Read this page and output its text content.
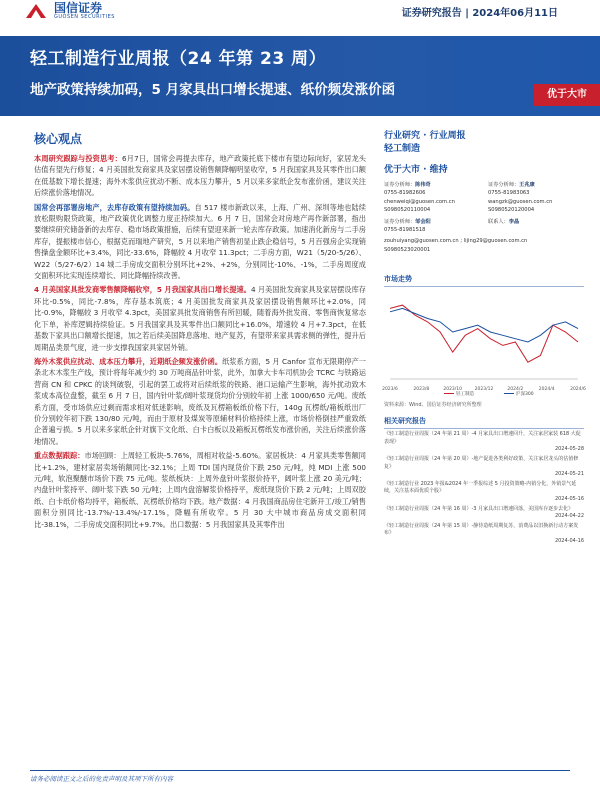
国信证券
GUOSEN SECURITIES	证券研究报告 | 2024年06月11日
轻工制造行业周报（24 年第 23 周）
地产政策持续加码，5 月家具出口增长提速、纸价频发涨价函	优于大市
核心观点

本周研究跟踪与投资思考：6月7日，国常会再提去库存，地产政策托底下楼市有望边际向好，家居龙头估值有望先行修复；4 月美国批发商家具及家居摆设销售额降幅明显收窄，5 月我国家具及其零件出口额在低基数下增长提速；海外木浆供应扰动不断、成本压力攀升，5 月以来多家纸企发布涨价函，建议关注后续涨价落地情况。

国常会再部署房地产，去库存政策有望持续加码。自 517 楼市新政以来，上海、广州、深圳等地也陆续放松限购限贷政策，地产政策优化调整力度正持续加大。6 月 7 日，国常会对房地产再作新部署，指出要继续研究储备新的去库存、稳市场政策措施，后续有望迎来新一轮去库存政策。加速消化新房与二手房库存，提振楼市信心，根据克而瑞地产研究，5 月以来地产销售初显止跌企稳信号，5 月百强房企实现销售操盘金额环比+3.4%，同比-33.6%，降幅较 4 月收窄 11.3pct；二手房方面，W21（5/20-5/26）、W22（5/27-6/2）14 城二手房成交面积分别环比+2%、+2%，分别同比-10%、-1%，二手房周度成交面积环比实现连续增长、同比降幅持续改善。

4 月美国家具批发商零售额降幅收窄，5 月我国家具出口增长提速。4 月美国批发商家具及家居摆设库存环比-0.5%，同比-7.8%，库存基本筑底；4 月美国批发商家具及家居摆设销售额环比+2.0%，同比-0.9%，降幅较 3 月收窄 4.3pct，美国家具批发商销售有所回暖，随着海外批发商、零售商恢复常态化下单，补库逻辑持续验证。5 月我国家具及其零件出口额同比+16.0%，增速较 4 月+7.3pct，在低基数下家具出口额增长提速，加之若后续美国降息落地、地产复苏，有望带来家具需求侧的弹性，提升后周期品类景气度，进一步支撑我国家具家居外销。

海外木浆供应扰动、成本压力攀升，近期纸企频发涨价函。纸浆系方面，5 月 Canfor 宣布无限期停产一条北木木浆生产线，预计将每年减少约 30 万吨商品针叶浆，此外，加拿大卡车司机协会 TCRC 与铁路运营商 CN 和 CPKC 的谈判破裂，引起的罢工或将对后续纸浆的铁路、港口运输产生影响，海外扰动致木浆成本高位盘整，截至 6 月 7 日，国内针叶浆/阔叶浆现货均价分别较年初 上涨 1000/650 元/吨。废纸系方面，受市场供应过剩而需求相对低迷影响，废纸及瓦楞箱板纸价格下行，140g 瓦楞纸/箱板纸出厂价分别较年初下跌 130/80 元/吨，而由于原材及煤炭等原辅材料价格持续上涨，市场价格倒挂严重致纸企普遍亏损。5 月以来多家纸企针对旗下文化纸、白卡白板以及箱板瓦楞纸发布涨价函，关注后续涨价落地情况。

重点数据跟踪：市场回顾：上周轻工板块-5.76%，周相对收益-5.60%。家居板块：4 月家具类零售额同比+1.2%，建材家居卖场销额同比-32.1%；上周 TDI 国内现货价下跌 250 元/吨，纯 MDI 上涨 500 元/吨，软泡聚醚市场价下跌 75 元/吨。浆纸板块：上周外盘针叶浆报价持平，阔叶浆上涨 20 美元/吨；内盘针叶浆持平、阔叶浆下跌 50 元/吨；上周内盘溶解浆价格持平，废纸现货价下跌 2 元/吨；上周双胶纸、白卡纸价格均持平，箱板纸、瓦楞纸价格均下跌。地产数据：4 月我国商品房住宅新开工/竣工/销售面积分别同比-13.7%/-13.4%/-17.1%，降幅有所收窄。5 月 30 大中城市商品房成交面积同比-38.1%，二手房成交面积同比+9.7%。出口数据：5 月我国家具及其零件出

行业研究 · 行业周报
轻工制造
优于大市 · 维持
证券分析师：陈伟奇
0755-81982606
chenweiqi@guosen.com.cn
S0980520110004
证券分析师：王兆康
0755-81983063
wangzk@guosen.com.cn
S0980520120004
证券分析师：邹会阳
0755-81981518
联系人：李晶
zouhuiyang@guosen.com.cn ; lijing29@guosen.com.cn
S0980523020001
市场走势
2023/6	2023/8	2023/10	2023/12	2024/2	2024/4	2024/6
轻工制造	沪深300
资料来源：Wind、国信证券经济研究所整理
相关研究报告
《轻工制造行业周报（24 年第 21 周）-4 月家具出口增速回升，关注家居家装 618 大促表现》
2024-05-28
《轻工制造行业周报（24 年第 20 周）-地产促进各类利好政策，关注家居龙头的估值修复》
2024-05-21
《轻工制造行业 2023 年报&2024 年一季报综述 5 月投资策略-内销分化，外销景气延续，关注基本面优质个股》
2024-05-16
《轻工制造行业周报（24 年第 16 周）-3 月家具出口增速回落，美国库存逐步去化》
2024-04-22
《轻工制造行业周报（24 年第 15 周）-静待造纸周期复苏，消费品以旧换新行动方案发布》
2024-04-16
请务必阅读正文之后的免责声明及其项下所有内容
